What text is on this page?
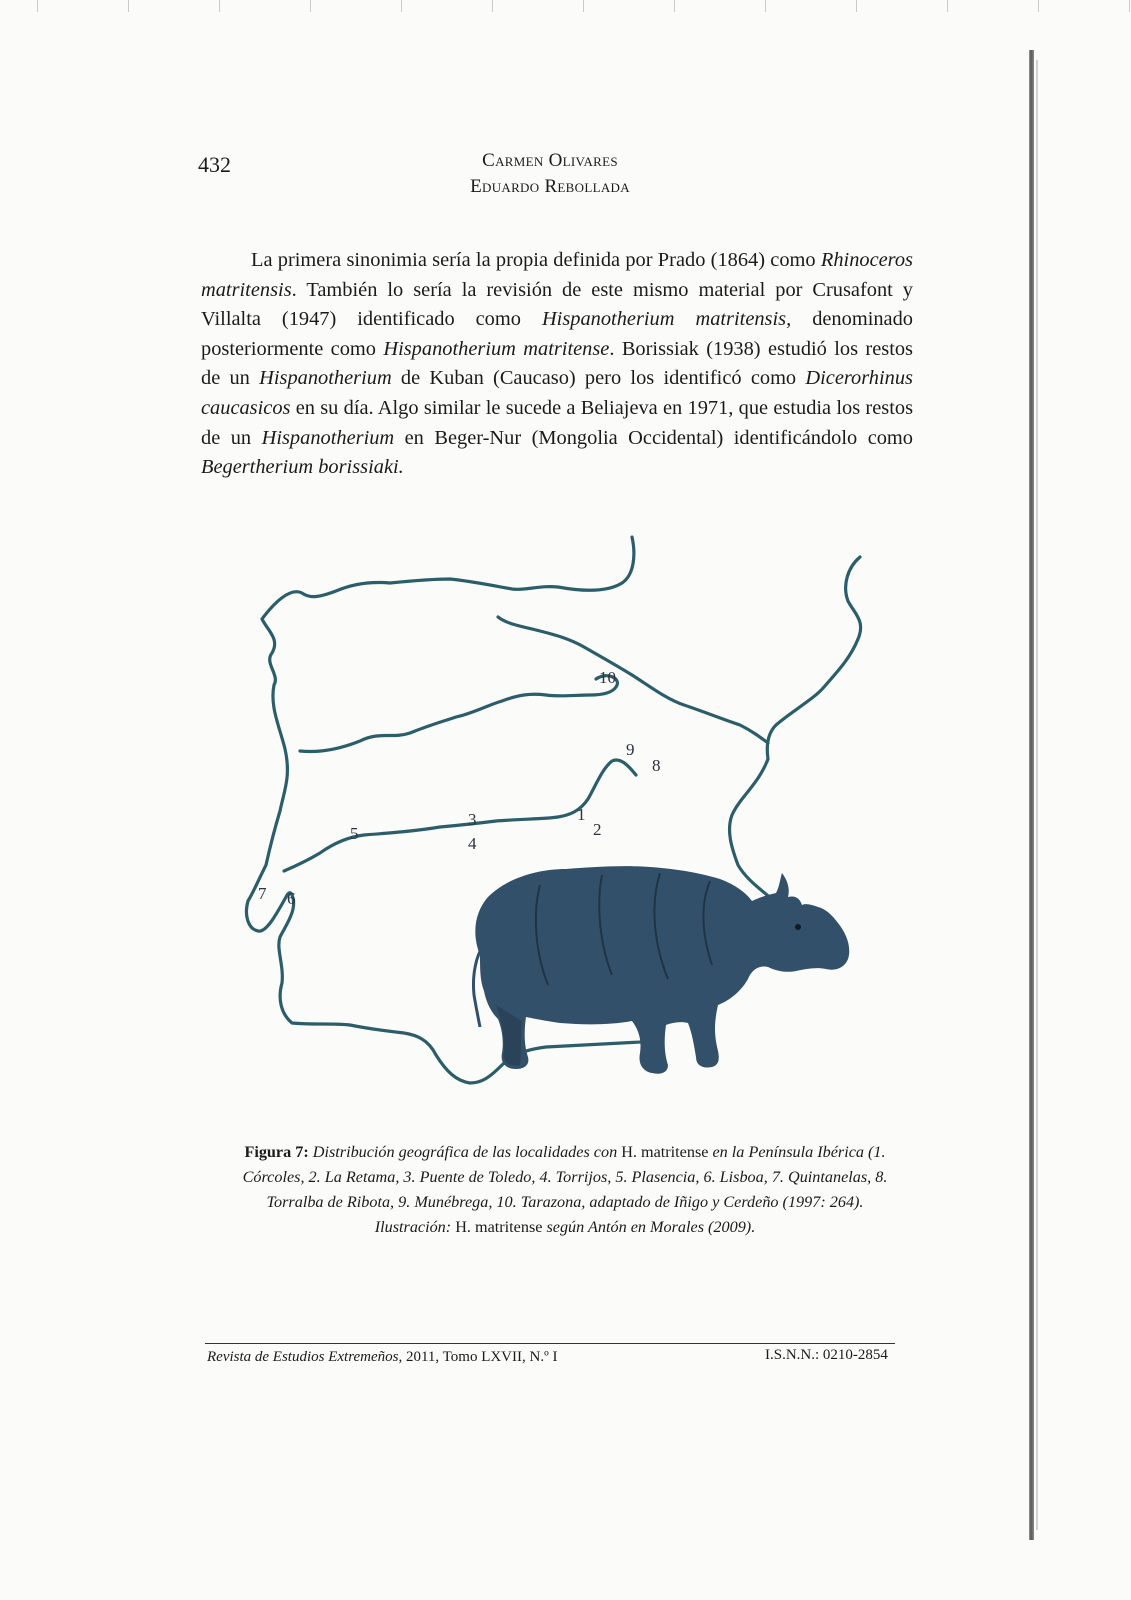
432	Carmen Olivares
Eduardo Rebollada
La primera sinonimia sería la propia definida por Prado (1864) como Rhinoceros matritensis. También lo sería la revisión de este mismo material por Crusafont y Villalta (1947) identificado como Hispanotherium matritensis, denominado posteriormente como Hispanotherium matritense. Borissiak (1938) estudió los restos de un Hispanotherium de Kuban (Caucaso) pero los identificó como Dicerorhinus caucasicos en su día. Algo similar le sucede a Beliajeva en 1971, que estudia los restos de un Hispanotherium en Beger-Nur (Mongolia Occidental) identificándolo como Begertherium borissiaki.
10
9
8
3
4
5
1
2
7 6
Figura 7: Distribución geográfica de las localidades con H. matritense en la Península Ibérica (1. Córcoles, 2. La Retama, 3. Puente de Toledo, 4. Torrijos, 5. Plasencia, 6. Lisboa, 7. Quintanelas, 8. Torralba de Ribota, 9. Munébrega, 10. Tarazona, adaptado de Iñigo y Cerdeño (1997: 264).
Ilustración: H. matritense según Antón en Morales (2009).
Revista de Estudios Extremeños, 2011, Tomo LXVII, N.º I	I.S.N.N.: 0210-2854
